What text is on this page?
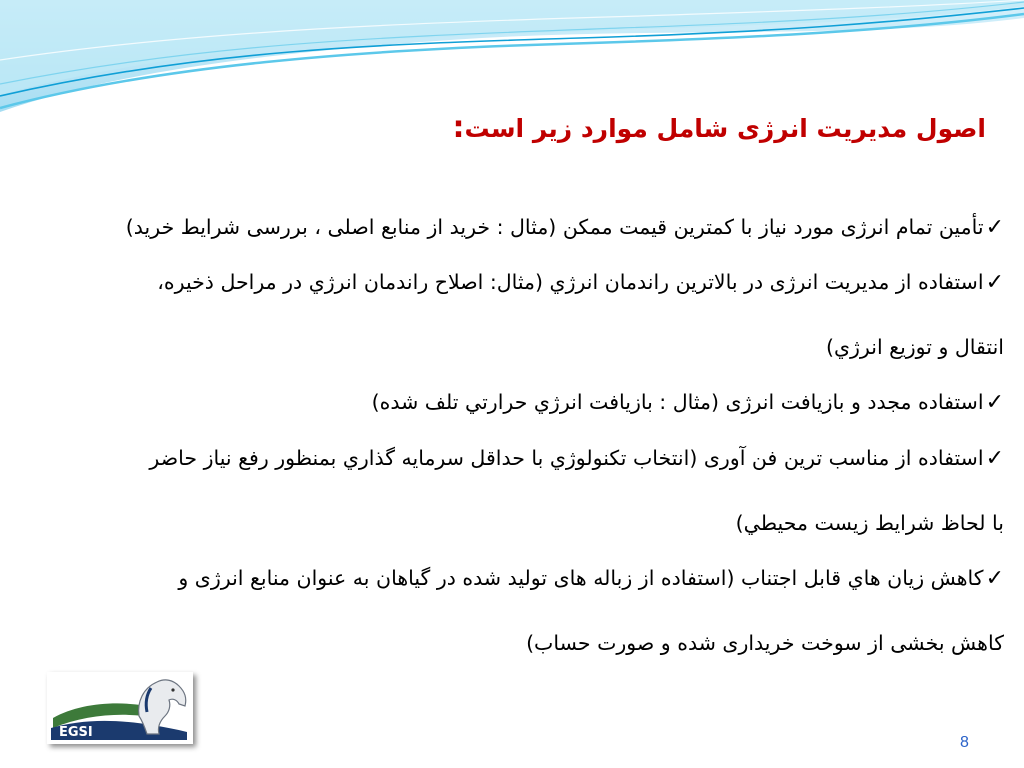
اصول مدیریت انرژی شامل موارد زیر است:
✓تأمین تمام انرژی مورد نیاز با کمترین قیمت ممکن (مثال : خرید از منابع اصلی ، بررسی شرایط خرید)
✓استفاده از مدیریت انرژی در بالاترین راندمان انرژي (مثال: اصلاح راندمان انرژي در مراحل ذخیره،
انتقال و توزیع انرژي)
✓استفاده مجدد و بازیافت انرژی (مثال : بازیافت انرژي حرارتي تلف شده)
✓استفاده از مناسب ترین فن آوری (انتخاب تکنولوژي با حداقل سرمایه گذاري بمنظور رفع نیاز حاضر
با لحاظ شرایط زیست محیطي)
✓کاهش زیان هاي قابل اجتناب (استفاده از زباله های تولید شده در گیاهان به عنوان منابع انرژی و
کاهش بخشی از سوخت خریداری شده و صورت حساب)
EGSI
8
